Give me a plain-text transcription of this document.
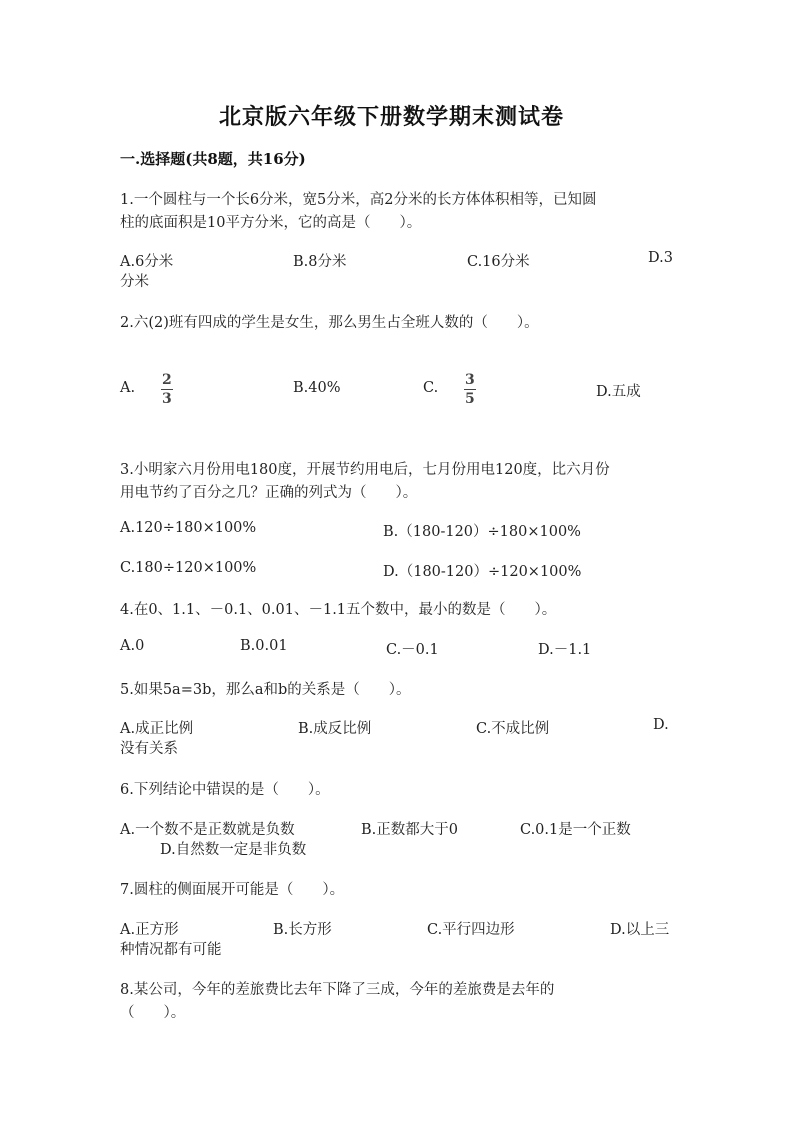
北京版六年级下册数学期末测试卷
一.选择题(共8题，共16分)
1.一个圆柱与一个长6分米，宽5分米，高2分米的长方体体积相等，已知圆
柱的底面积是10平方分米，它的高是（　　）。
A.6分米	B.8分米	C.16分米	D.3
分米
2.六(2)班有四成的学生是女生，那么男生占全班人数的（　　）。
A. $\frac{2}{3}$	B.40%	C. $\frac{3}{5}$	D.五成
3.小明家六月份用电180度，开展节约用电后，七月份用电120度，比六月份
用电节约了百分之几？正确的列式为（　　）。
A.120÷180×100%	B.（180-120）÷180×100%
C.180÷120×100%	D.（180-120）÷120×100%
4.在0、1.1、－0.1、0.01、－1.1五个数中，最小的数是（　　）。
A.0	B.0.01	C.－0.1	D.－1.1
5.如果5a=3b，那么a和b的关系是（　　）。
A.成正比例	B.成反比例	C.不成比例	D.
没有关系
6.下列结论中错误的是（　　）。
A.一个数不是正数就是负数	B.正数都大于0	C.0.1是一个正数
D.自然数一定是非负数
7.圆柱的侧面展开可能是（　　）。
A.正方形	B.长方形	C.平行四边形	D.以上三
种情况都有可能
8.某公司，今年的差旅费比去年下降了三成，今年的差旅费是去年的
（　　）。
